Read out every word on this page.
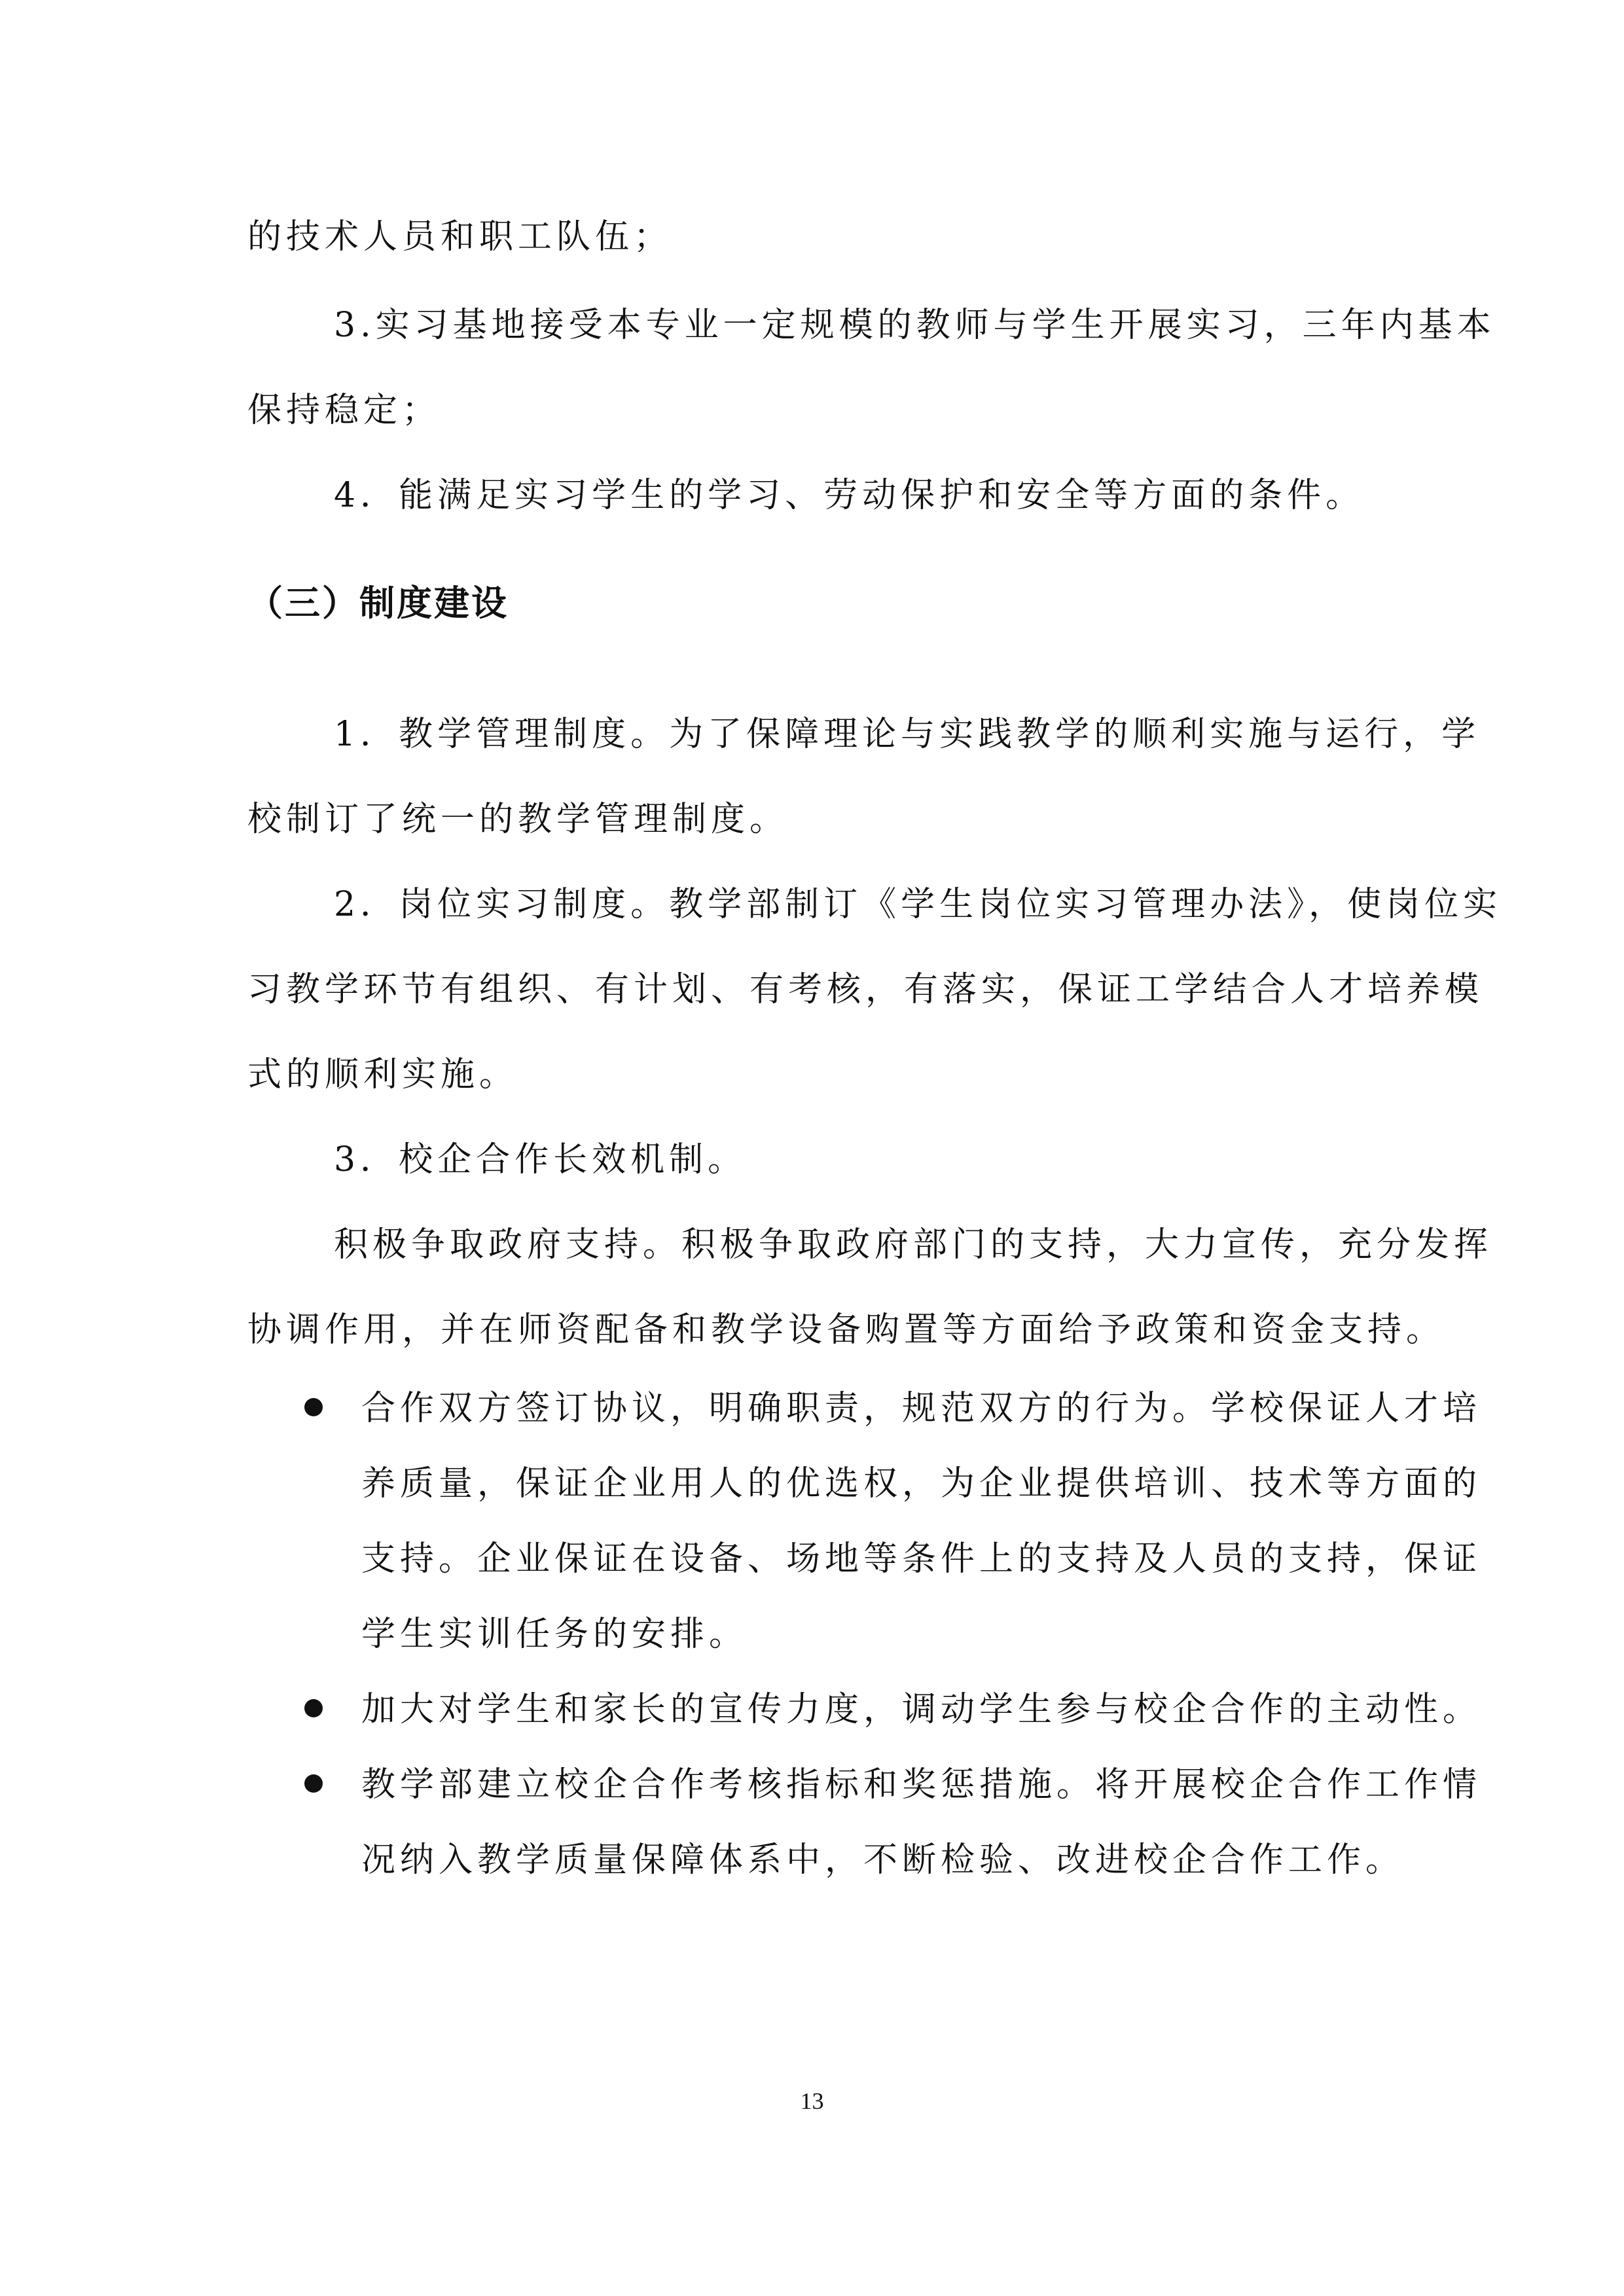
的技术人员和职工队伍；
3.实习基地接受本专业一定规模的教师与学生开展实习，三年内基本
保持稳定；
4．能满足实习学生的学习、劳动保护和安全等方面的条件。
（三）制度建设
1．教学管理制度。为了保障理论与实践教学的顺利实施与运行，学
校制订了统一的教学管理制度。
2．岗位实习制度。教学部制订《学生岗位实习管理办法》，使岗位实
习教学环节有组织、有计划、有考核，有落实，保证工学结合人才培养模
式的顺利实施。
3．校企合作长效机制。
积极争取政府支持。积极争取政府部门的支持，大力宣传，充分发挥
协调作用，并在师资配备和教学设备购置等方面给予政策和资金支持。
合作双方签订协议，明确职责，规范双方的行为。学校保证人才培
养质量，保证企业用人的优选权，为企业提供培训、技术等方面的
支持。企业保证在设备、场地等条件上的支持及人员的支持，保证
学生实训任务的安排。
加大对学生和家长的宣传力度，调动学生参与校企合作的主动性。
教学部建立校企合作考核指标和奖惩措施。将开展校企合作工作情
况纳入教学质量保障体系中，不断检验、改进校企合作工作。
13
